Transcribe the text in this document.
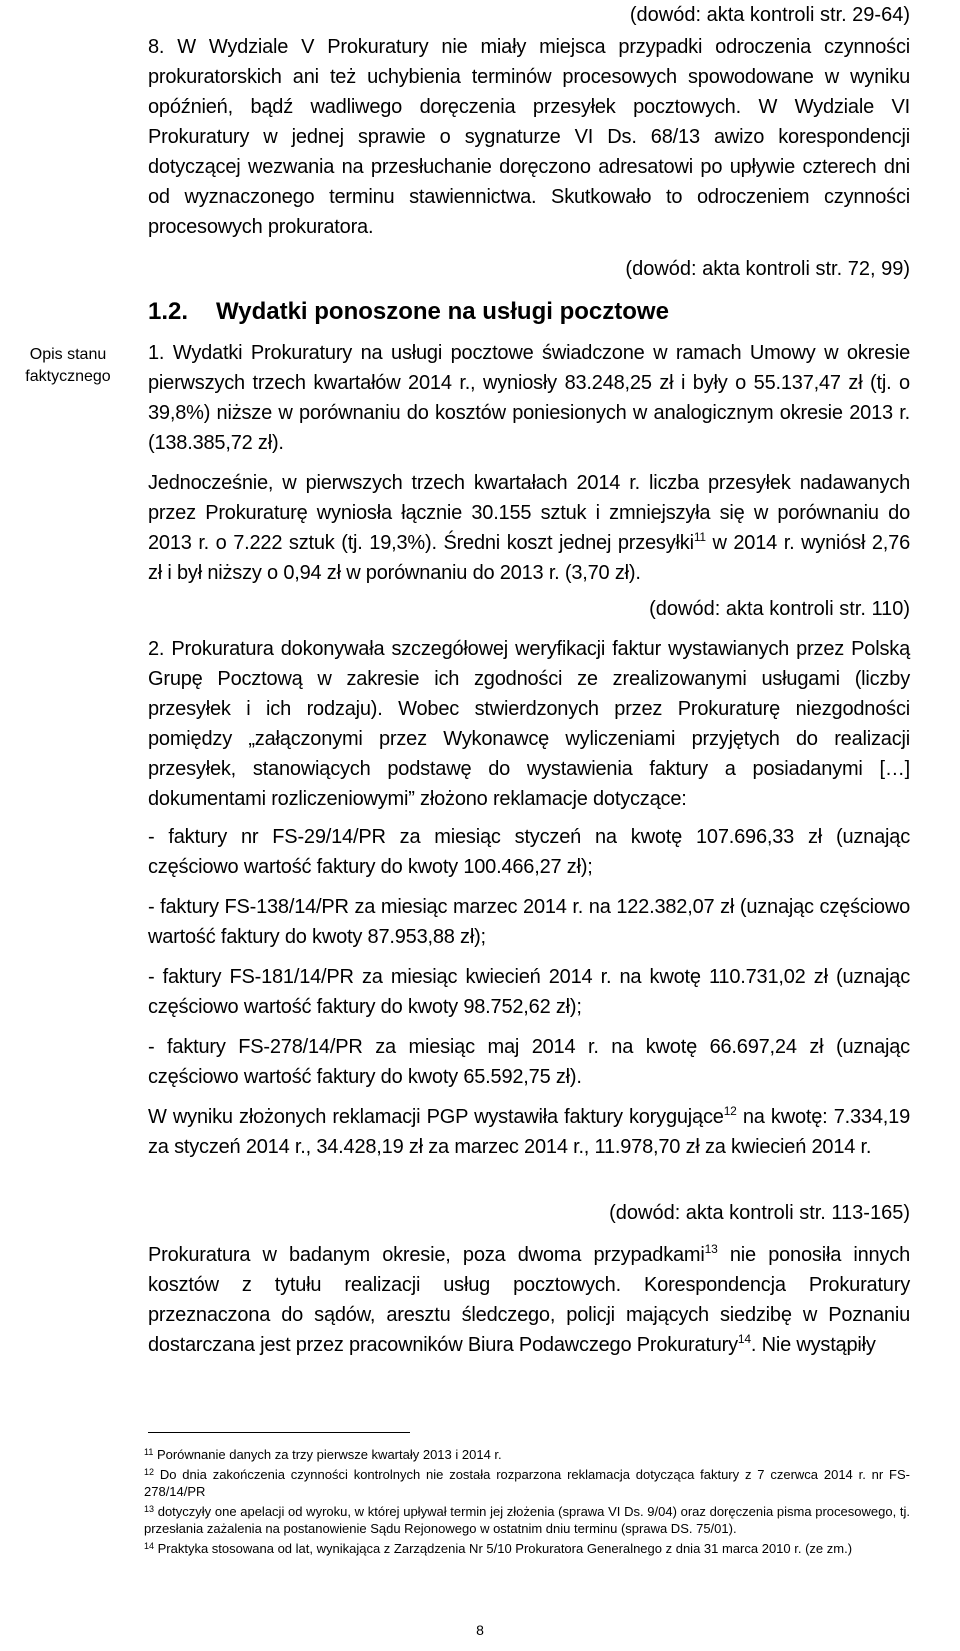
Opis stanu faktycznego

(dowód: akta kontroli str. 29-64)

8. W Wydziale V Prokuratury nie miały miejsca przypadki odroczenia czynności prokuratorskich ani też uchybienia terminów procesowych spowodowane w wyniku opóźnień, bądź wadliwego doręczenia przesyłek pocztowych. W Wydziale VI Prokuratury w jednej sprawie o sygnaturze VI Ds. 68/13 awizo korespondencji dotyczącej wezwania na przesłuchanie doręczono adresatowi po upływie czterech dni od wyznaczonego terminu stawiennictwa. Skutkowało to odroczeniem czynności procesowych prokuratora.

(dowód: akta kontroli str. 72, 99)

1.2. Wydatki ponoszone na usługi pocztowe

1. Wydatki Prokuratury na usługi pocztowe świadczone w ramach Umowy w okresie pierwszych trzech kwartałów 2014 r., wyniosły 83.248,25 zł i były o 55.137,47 zł (tj. o 39,8%) niższe w porównaniu do kosztów poniesionych w analogicznym okresie 2013 r. (138.385,72 zł).

Jednocześnie, w pierwszych trzech kwartałach 2014 r. liczba przesyłek nadawanych przez Prokuraturę wyniosła łącznie 30.155 sztuk i zmniejszyła się w porównaniu do 2013 r. o 7.222 sztuk (tj. 19,3%). Średni koszt jednej przesyłki$^{11}$ w 2014 r. wyniósł 2,76 zł i był niższy o 0,94 zł w porównaniu do 2013 r. (3,70 zł).

(dowód: akta kontroli str. 110)

2. Prokuratura dokonywała szczegółowej weryfikacji faktur wystawianych przez Polską Grupę Pocztową w zakresie ich zgodności ze zrealizowanymi usługami (liczby przesyłek i ich rodzaju). Wobec stwierdzonych przez Prokuraturę niezgodności pomiędzy „załączonymi przez Wykonawcę wyliczeniami przyjętych do realizacji przesyłek, stanowiących podstawę do wystawienia faktury a posiadanymi […] dokumentami rozliczeniowymi” złożono reklamacje dotyczące:

- faktury nr FS-29/14/PR za miesiąc styczeń na kwotę 107.696,33 zł (uznając częściowo wartość faktury do kwoty 100.466,27 zł);

- faktury FS-138/14/PR za miesiąc marzec 2014 r. na 122.382,07 zł (uznając częściowo wartość faktury do kwoty 87.953,88 zł);

- faktury FS-181/14/PR za miesiąc kwiecień 2014 r. na kwotę 110.731,02 zł (uznając częściowo wartość faktury do kwoty 98.752,62 zł);

- faktury FS-278/14/PR za miesiąc maj 2014 r. na kwotę 66.697,24 zł (uznając częściowo wartość faktury do kwoty 65.592,75 zł).

W wyniku złożonych reklamacji PGP wystawiła faktury korygujące$^{12}$ na kwotę: 7.334,19 za styczeń 2014 r., 34.428,19 zł za marzec 2014 r., 11.978,70 zł za kwiecień 2014 r.

(dowód: akta kontroli str. 113-165)

Prokuratura w badanym okresie, poza dwoma przypadkami$^{13}$ nie ponosiła innych kosztów z tytułu realizacji usług pocztowych. Korespondencja Prokuratury przeznaczona do sądów, aresztu śledczego, policji mających siedzibę w Poznaniu dostarczana jest przez pracowników Biura Podawczego Prokuratury$^{14}$. Nie wystąpiły

$^{11}$ Porównanie danych za trzy pierwsze kwartały 2013 i 2014 r.

$^{12}$ Do dnia zakończenia czynności kontrolnych nie została rozparzona reklamacja dotycząca faktury z 7 czerwca 2014 r. nr FS-278/14/PR

$^{13}$ dotyczyły one apelacji od wyroku, w której upływał termin jej złożenia (sprawa VI Ds. 9/04) oraz doręczenia pisma procesowego, tj. przesłania zażalenia na postanowienie Sądu Rejonowego w ostatnim dniu terminu (sprawa DS. 75/01).

$^{14}$ Praktyka stosowana od lat, wynikająca z Zarządzenia Nr 5/10 Prokuratora Generalnego z dnia 31 marca 2010 r. (ze zm.)

8
